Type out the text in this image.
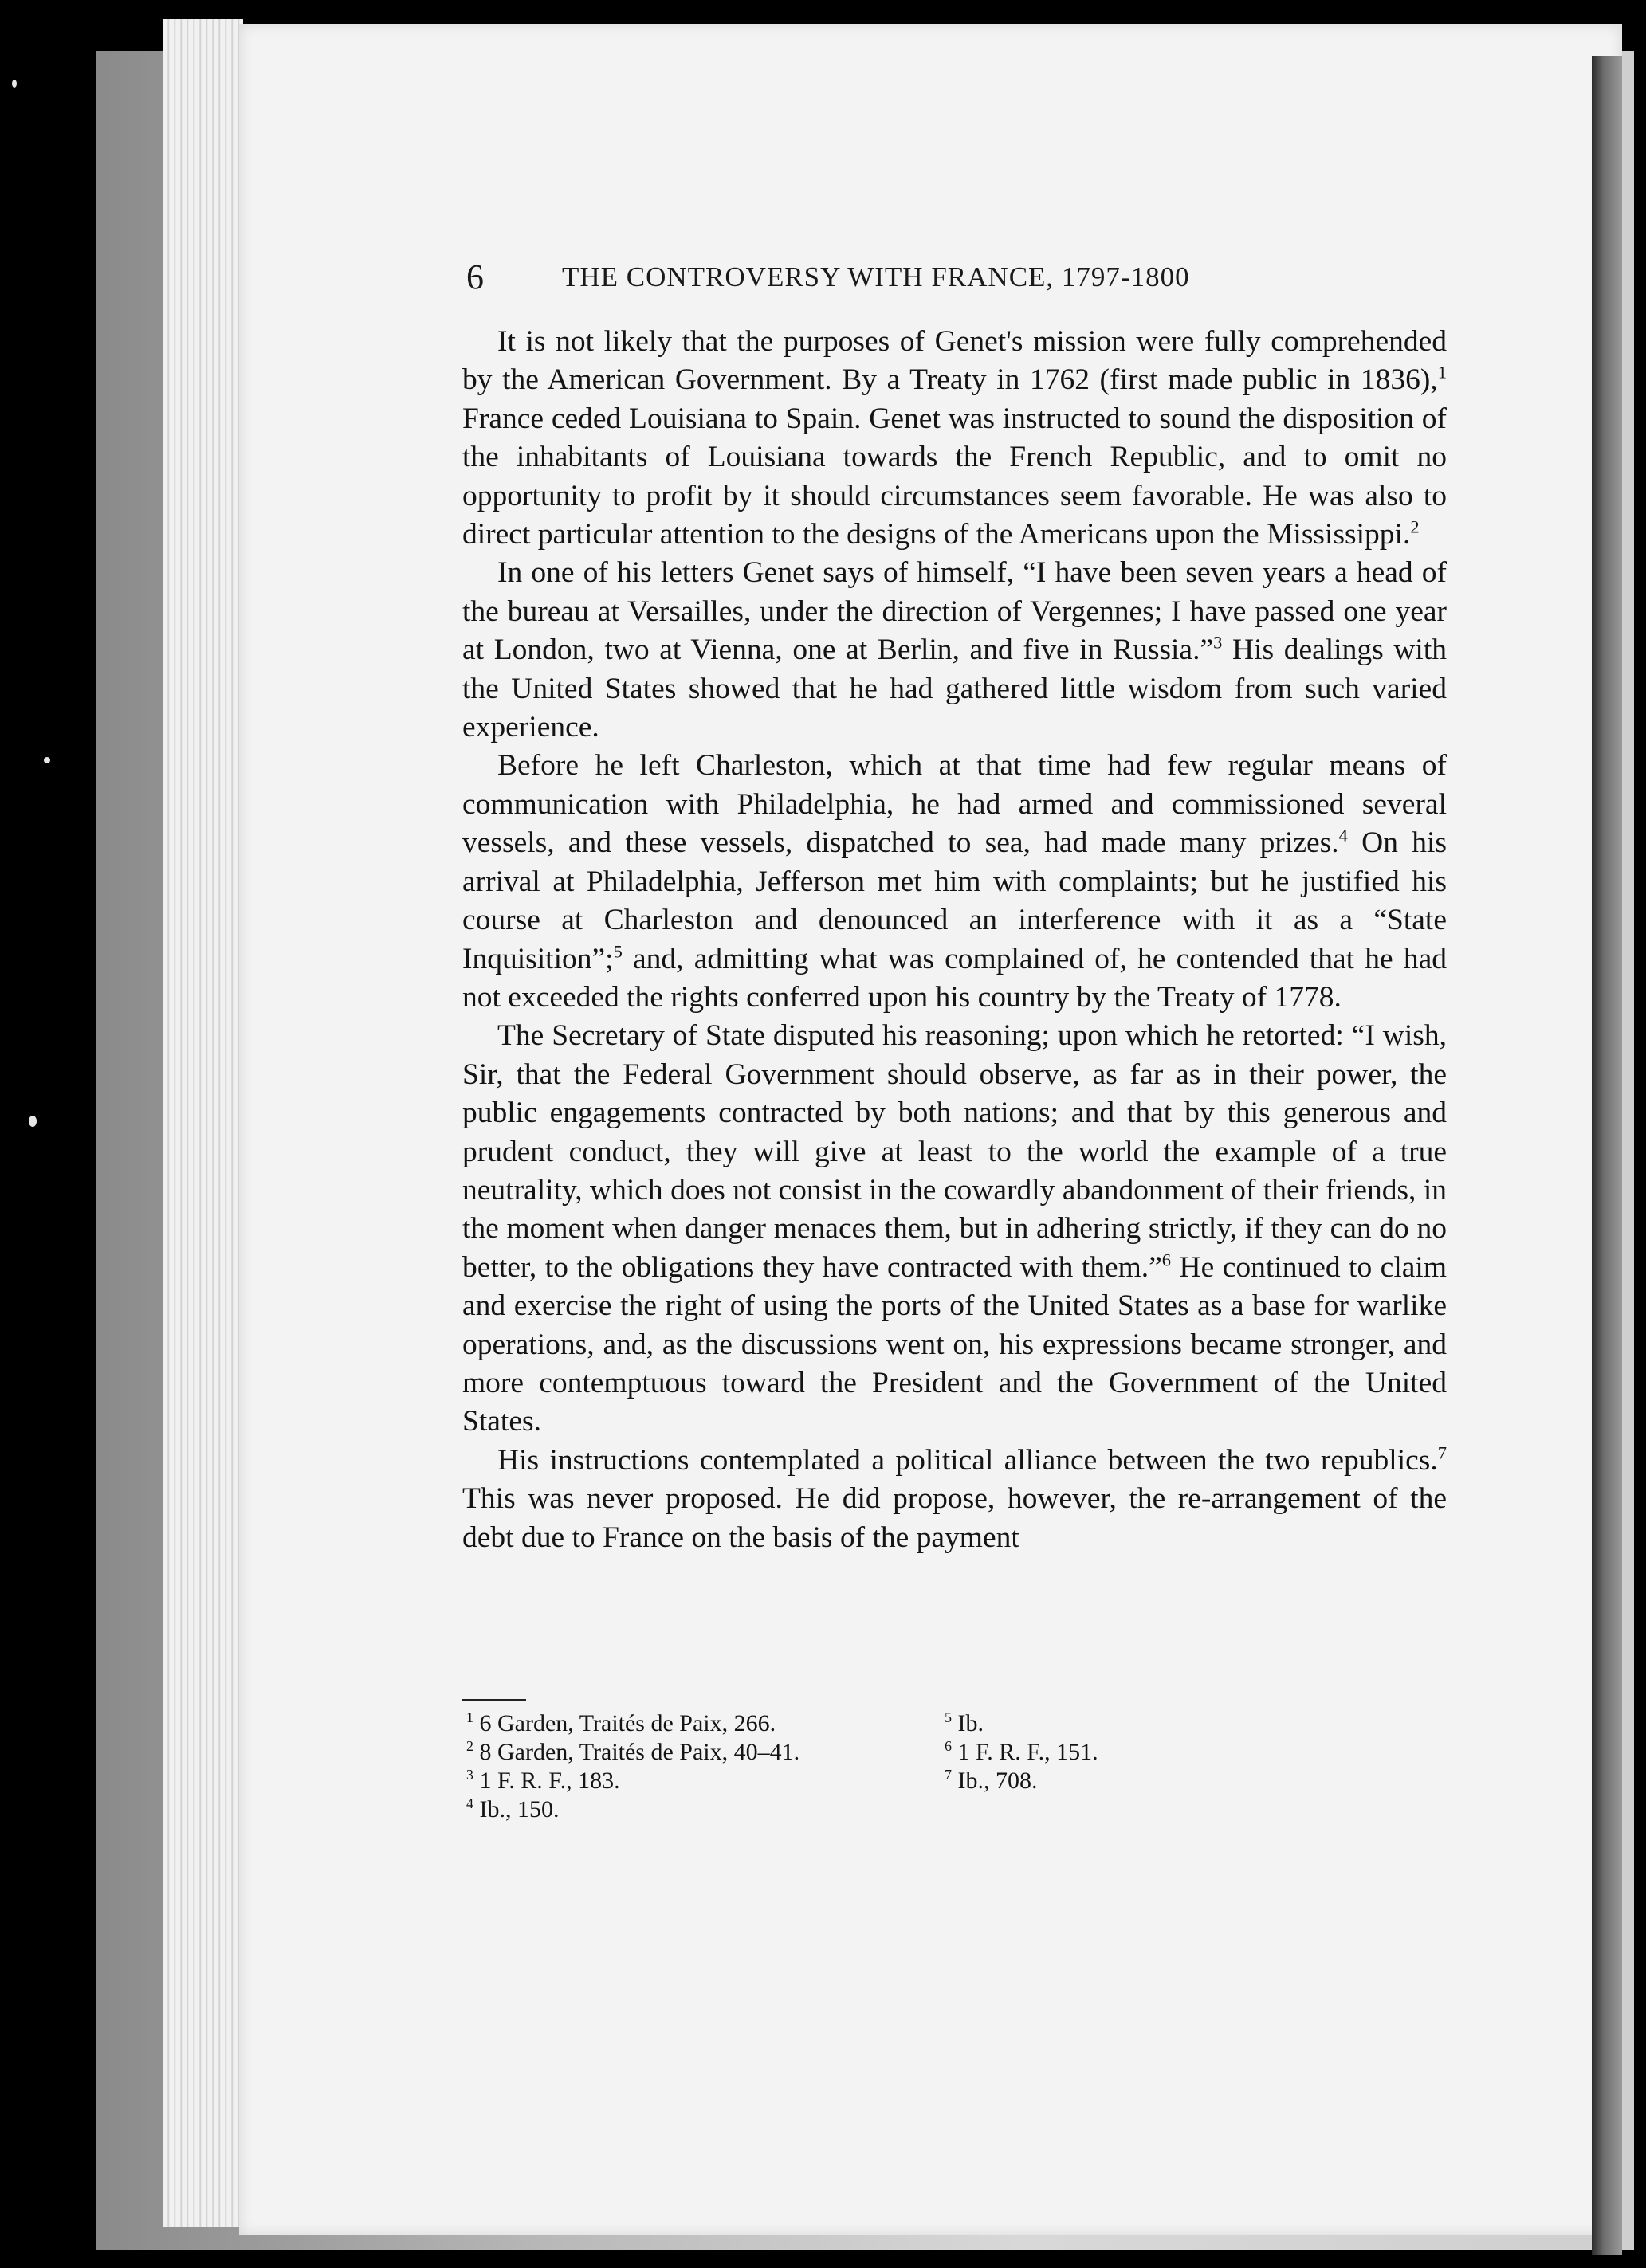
6	THE CONTROVERSY WITH FRANCE, 1797-1800

It is not likely that the purposes of Genet's mission were fully comprehended by the American Government. By a Treaty in 1762 (first made public in 1836),$^1$ France ceded Louisiana to Spain. Genet was instructed to sound the disposition of the inhabitants of Louisiana towards the French Republic, and to omit no opportunity to profit by it should circumstances seem favorable. He was also to direct particular attention to the designs of the Americans upon the Mississippi.$^2$

In one of his letters Genet says of himself, “I have been seven years a head of the bureau at Versailles, under the direction of Vergennes; I have passed one year at London, two at Vienna, one at Berlin, and five in Russia.”$^3$ His dealings with the United States showed that he had gathered little wisdom from such varied experience.

Before he left Charleston, which at that time had few regular means of communication with Philadelphia, he had armed and commissioned several vessels, and these vessels, dispatched to sea, had made many prizes.$^4$ On his arrival at Philadelphia, Jefferson met him with complaints; but he justified his course at Charleston and denounced an interference with it as a “State Inquisition”;$^5$ and, admitting what was complained of, he contended that he had not exceeded the rights conferred upon his country by the Treaty of 1778.

The Secretary of State disputed his reasoning; upon which he retorted: “I wish, Sir, that the Federal Government should observe, as far as in their power, the public engagements contracted by both nations; and that by this generous and prudent conduct, they will give at least to the world the example of a true neutrality, which does not consist in the cowardly abandonment of their friends, in the moment when danger menaces them, but in adhering strictly, if they can do no better, to the obligations they have contracted with them.”$^6$ He continued to claim and exercise the right of using the ports of the United States as a base for warlike operations, and, as the discussions went on, his expressions became stronger, and more contemptuous toward the President and the Government of the United States.

His instructions contemplated a political alliance between the two republics.$^7$ This was never proposed. He did propose, however, the re-arrangement of the debt due to France on the basis of the payment

$^1$ 6 Garden, Traités de Paix, 266.
$^2$ 8 Garden, Traités de Paix, 40–41.
$^3$ 1 F. R. F., 183.
$^4$ Ib., 150.
$^5$ Ib.
$^6$ 1 F. R. F., 151.
$^7$ Ib., 708.
